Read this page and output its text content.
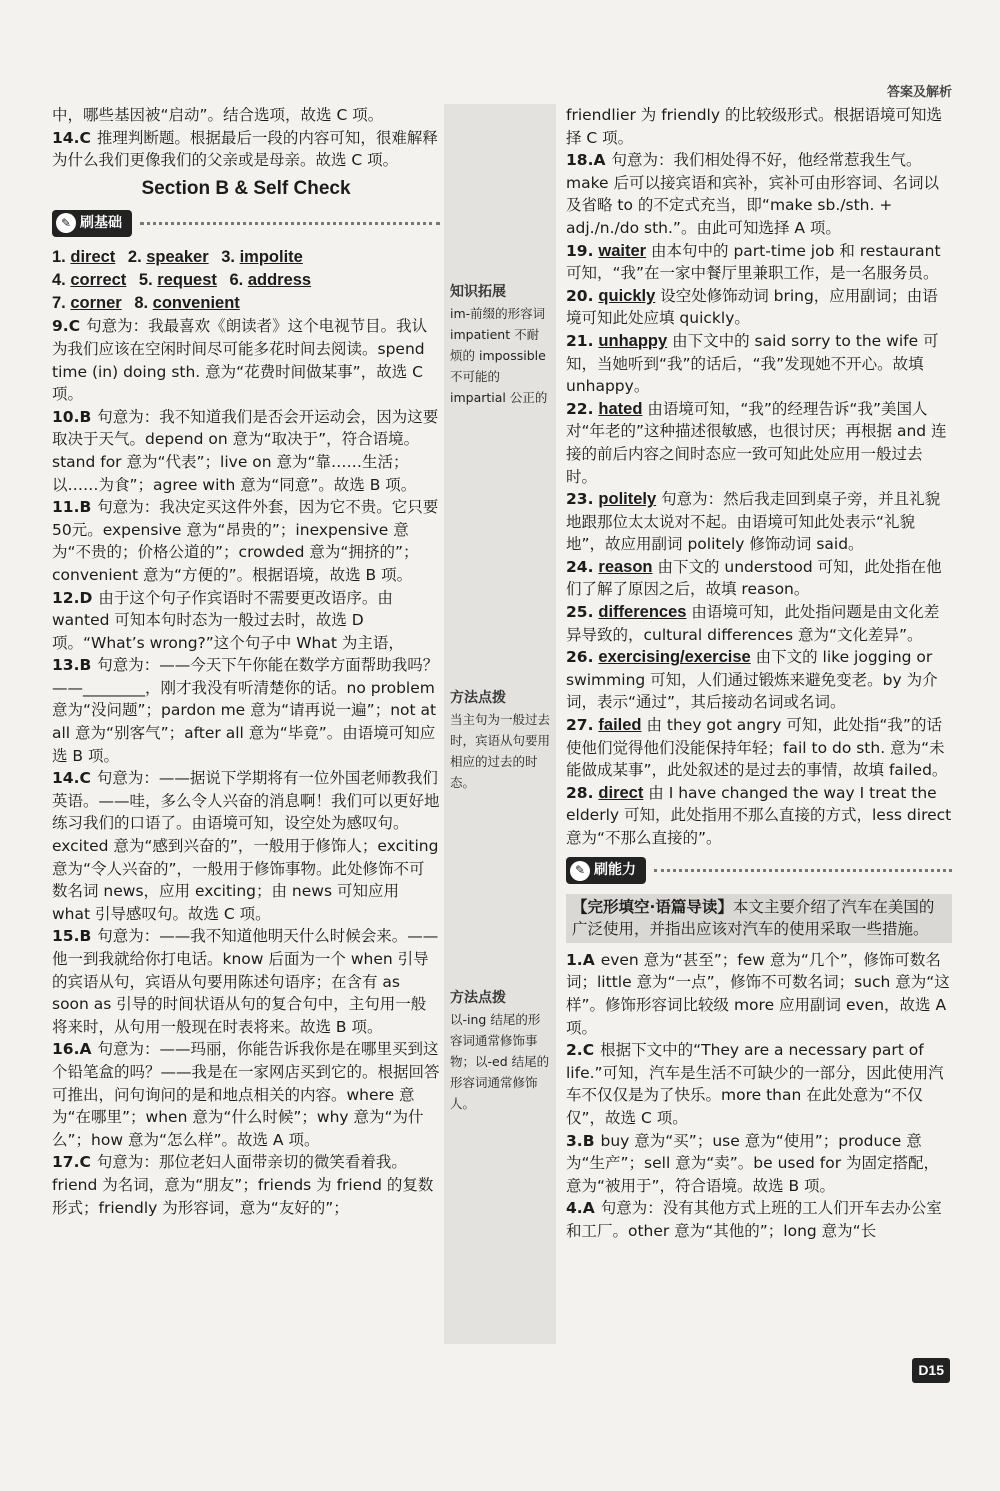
答案及解析
中，哪些基因被“启动”。结合选项，故选 C 项。
14.C 推理判断题。根据最后一段的内容可知，很难解释为什么我们更像我们的父亲或是母亲。故选 C 项。
Section B & Self Check
✎ 刷基础
1. direct 2. speaker 3. impolite
4. correct 5. request 6. address
7. corner 8. convenient
9.C 句意为：我最喜欢《朗读者》这个电视节目。我认为我们应该在空闲时间尽可能多花时间去阅读。spend time (in) doing sth. 意为“花费时间做某事”，故选 C 项。
10.B 句意为：我不知道我们是否会开运动会，因为这要取决于天气。depend on 意为“取决于”，符合语境。stand for 意为“代表”；live on 意为“靠……生活；以……为食”；agree with 意为“同意”。故选 B 项。
11.B 句意为：我决定买这件外套，因为它不贵。它只要50元。expensive 意为“昂贵的”；inexpensive 意为“不贵的；价格公道的”；crowded 意为“拥挤的”；convenient 意为“方便的”。根据语境，故选 B 项。
12.D 由于这个句子作宾语时不需要更改语序。由 wanted 可知本句时态为一般过去时，故选 D 项。“What’s wrong?”这个句子中 What 为主语，
13.B 句意为：——今天下午你能在数学方面帮助我吗？——________，刚才我没有听清楚你的话。no problem 意为“没问题”；pardon me 意为“请再说一遍”；not at all 意为“别客气”；after all 意为“毕竟”。由语境可知应选 B 项。
14.C 句意为：——据说下学期将有一位外国老师教我们英语。——哇，多么令人兴奋的消息啊！我们可以更好地练习我们的口语了。由语境可知，设空处为感叹句。excited 意为“感到兴奋的”，一般用于修饰人；exciting 意为“令人兴奋的”，一般用于修饰事物。此处修饰不可数名词 news，应用 exciting；由 news 可知应用 what 引导感叹句。故选 C 项。
15.B 句意为：——我不知道他明天什么时候会来。——他一到我就给你打电话。know 后面为一个 when 引导的宾语从句，宾语从句要用陈述句语序；在含有 as soon as 引导的时间状语从句的复合句中，主句用一般将来时，从句用一般现在时表将来。故选 B 项。
16.A 句意为：——玛丽，你能告诉我你是在哪里买到这个铅笔盒的吗？——我是在一家网店买到它的。根据回答可推出，问句询问的是和地点相关的内容。where 意为“在哪里”；when 意为“什么时候”；why 意为“为什么”；how 意为“怎么样”。故选 A 项。
17.C 句意为：那位老妇人面带亲切的微笑看着我。friend 为名词，意为“朋友”；friends 为 friend 的复数形式；friendly 为形容词，意为“友好的”；
知识拓展
im-前缀的形容词 impatient 不耐烦的 impossible 不可能的 impartial 公正的
方法点拨
当主句为一般过去时，宾语从句要用相应的过去的时态。
方法点拨
以-ing 结尾的形容词通常修饰事物；以-ed 结尾的形容词通常修饰人。
friendlier 为 friendly 的比较级形式。根据语境可知选择 C 项。
18.A 句意为：我们相处得不好，他经常惹我生气。make 后可以接宾语和宾补，宾补可由形容词、名词以及省略 to 的不定式充当，即“make sb./sth. + adj./n./do sth.”。由此可知选择 A 项。
19. waiter 由本句中的 part-time job 和 restaurant 可知，“我”在一家中餐厅里兼职工作，是一名服务员。
20. quickly 设空处修饰动词 bring，应用副词；由语境可知此处应填 quickly。
21. unhappy 由下文中的 said sorry to the wife 可知，当她听到“我”的话后，“我”发现她不开心。故填 unhappy。
22. hated 由语境可知，“我”的经理告诉“我”美国人对“年老的”这种描述很敏感，也很讨厌；再根据 and 连接的前后内容之间时态应一致可知此处应用一般过去时。
23. politely 句意为：然后我走回到桌子旁，并且礼貌地跟那位太太说对不起。由语境可知此处表示“礼貌地”，故应用副词 politely 修饰动词 said。
24. reason 由下文的 understood 可知，此处指在他们了解了原因之后，故填 reason。
25. differences 由语境可知，此处指问题是由文化差异导致的，cultural differences 意为“文化差异”。
26. exercising/exercise 由下文的 like jogging or swimming 可知，人们通过锻炼来避免变老。by 为介词，表示“通过”，其后接动名词或名词。
27. failed 由 they got angry 可知，此处指“我”的话使他们觉得他们没能保持年轻；fail to do sth. 意为“未能做成某事”，此处叙述的是过去的事情，故填 failed。
28. direct 由 I have changed the way I treat the elderly 可知，此处指用不那么直接的方式，less direct 意为“不那么直接的”。
✎ 刷能力
【完形填空·语篇导读】本文主要介绍了汽车在美国的广泛使用，并指出应该对汽车的使用采取一些措施。
1.A even 意为“甚至”；few 意为“几个”，修饰可数名词；little 意为“一点”，修饰不可数名词；such 意为“这样”。修饰形容词比较级 more 应用副词 even，故选 A 项。
2.C 根据下文中的“They are a necessary part of life.”可知，汽车是生活不可缺少的一部分，因此使用汽车不仅仅是为了快乐。more than 在此处意为“不仅仅”，故选 C 项。
3.B buy 意为“买”；use 意为“使用”；produce 意为“生产”；sell 意为“卖”。be used for 为固定搭配，意为“被用于”，符合语境。故选 B 项。
4.A 句意为：没有其他方式上班的工人们开车去办公室和工厂。other 意为“其他的”；long 意为“长
D15
